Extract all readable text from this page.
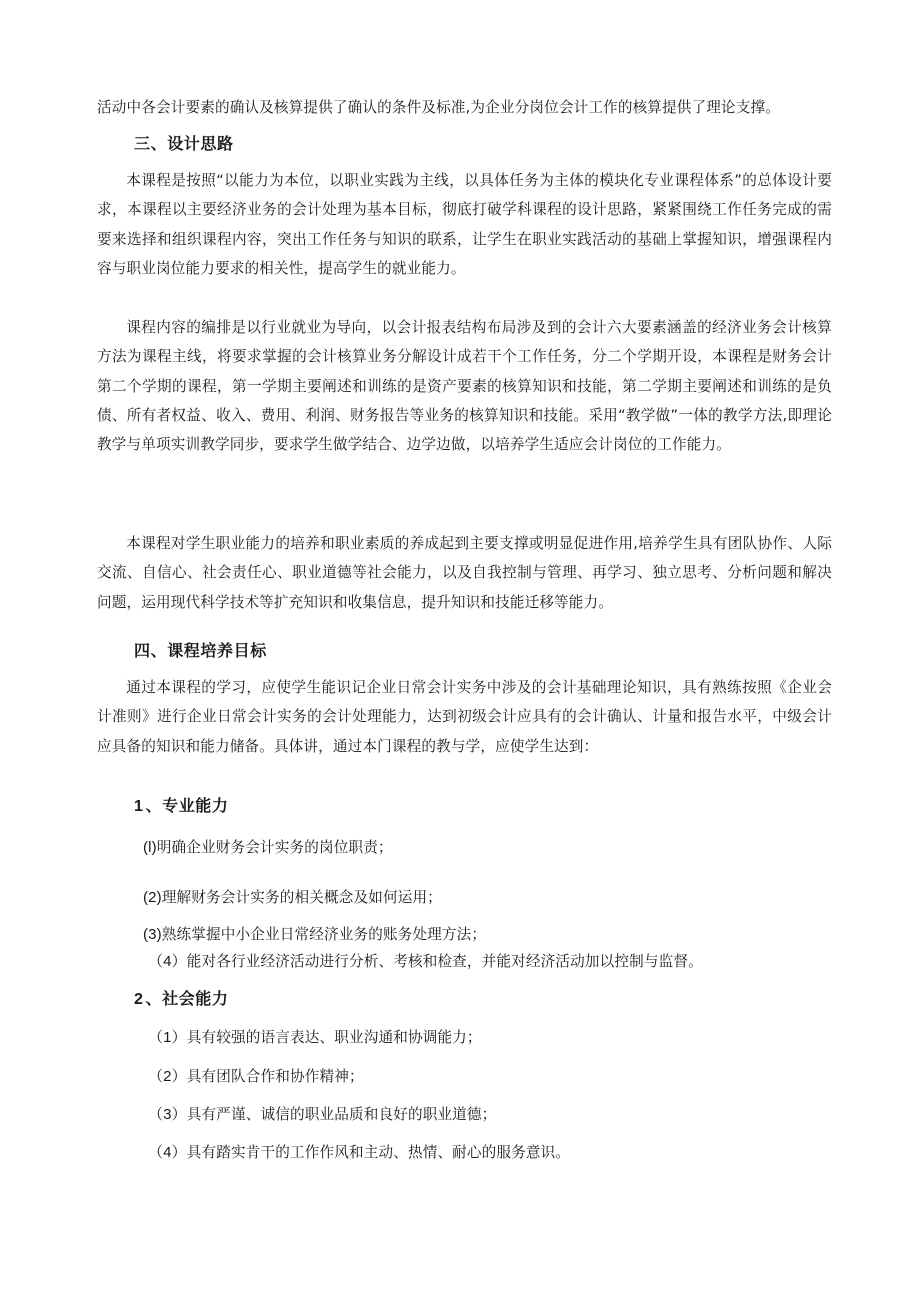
活动中各会计要素的确认及核算提供了确认的条件及标准,为企业分岗位会计工作的核算提供了理论支撑。

三、设计思路

本课程是按照“以能力为本位，以职业实践为主线，以具体任务为主体的模块化专业课程体系”的总体设计要求，本课程以主要经济业务的会计处理为基本目标，彻底打破学科课程的设计思路，紧紧围绕工作任务完成的需要来选择和组织课程内容，突出工作任务与知识的联系，让学生在职业实践活动的基础上掌握知识，增强课程内容与职业岗位能力要求的相关性，提高学生的就业能力。

课程内容的编排是以行业就业为导向，以会计报表结构布局涉及到的会计六大要素涵盖的经济业务会计核算方法为课程主线，将要求掌握的会计核算业务分解设计成若干个工作任务，分二个学期开设，本课程是财务会计第二个学期的课程，第一学期主要阐述和训练的是资产要素的核算知识和技能，第二学期主要阐述和训练的是负债、所有者权益、收入、费用、利润、财务报告等业务的核算知识和技能。采用“教学做”一体的教学方法,即理论教学与单项实训教学同步，要求学生做学结合、边学边做，以培养学生适应会计岗位的工作能力。

本课程对学生职业能力的培养和职业素质的养成起到主要支撑或明显促进作用,培养学生具有团队协作、人际交流、自信心、社会责任心、职业道德等社会能力，以及自我控制与管理、再学习、独立思考、分析问题和解决问题，运用现代科学技术等扩充知识和收集信息，提升知识和技能迁移等能力。

四、课程培养目标

通过本课程的学习，应使学生能识记企业日常会计实务中涉及的会计基础理论知识，具有熟练按照《企业会计准则》进行企业日常会计实务的会计处理能力，达到初级会计应具有的会计确认、计量和报告水平，中级会计应具备的知识和能力储备。具体讲，通过本门课程的教与学，应使学生达到：

1 、专业能力
(l)明确企业财务会计实务的岗位职责；
(2)理解财务会计实务的相关概念及如何运用；
(3)熟练掌握中小企业日常经济业务的账务处理方法；
（4）能对各行业经济活动进行分析、考核和检查，并能对经济活动加以控制与监督。
2 、社会能力
（1）具有较强的语言表达、职业沟通和协调能力；
（2）具有团队合作和协作精神；
（3）具有严谨、诚信的职业品质和良好的职业道德；
（4）具有踏实肯干的工作作风和主动、热情、耐心的服务意识。
